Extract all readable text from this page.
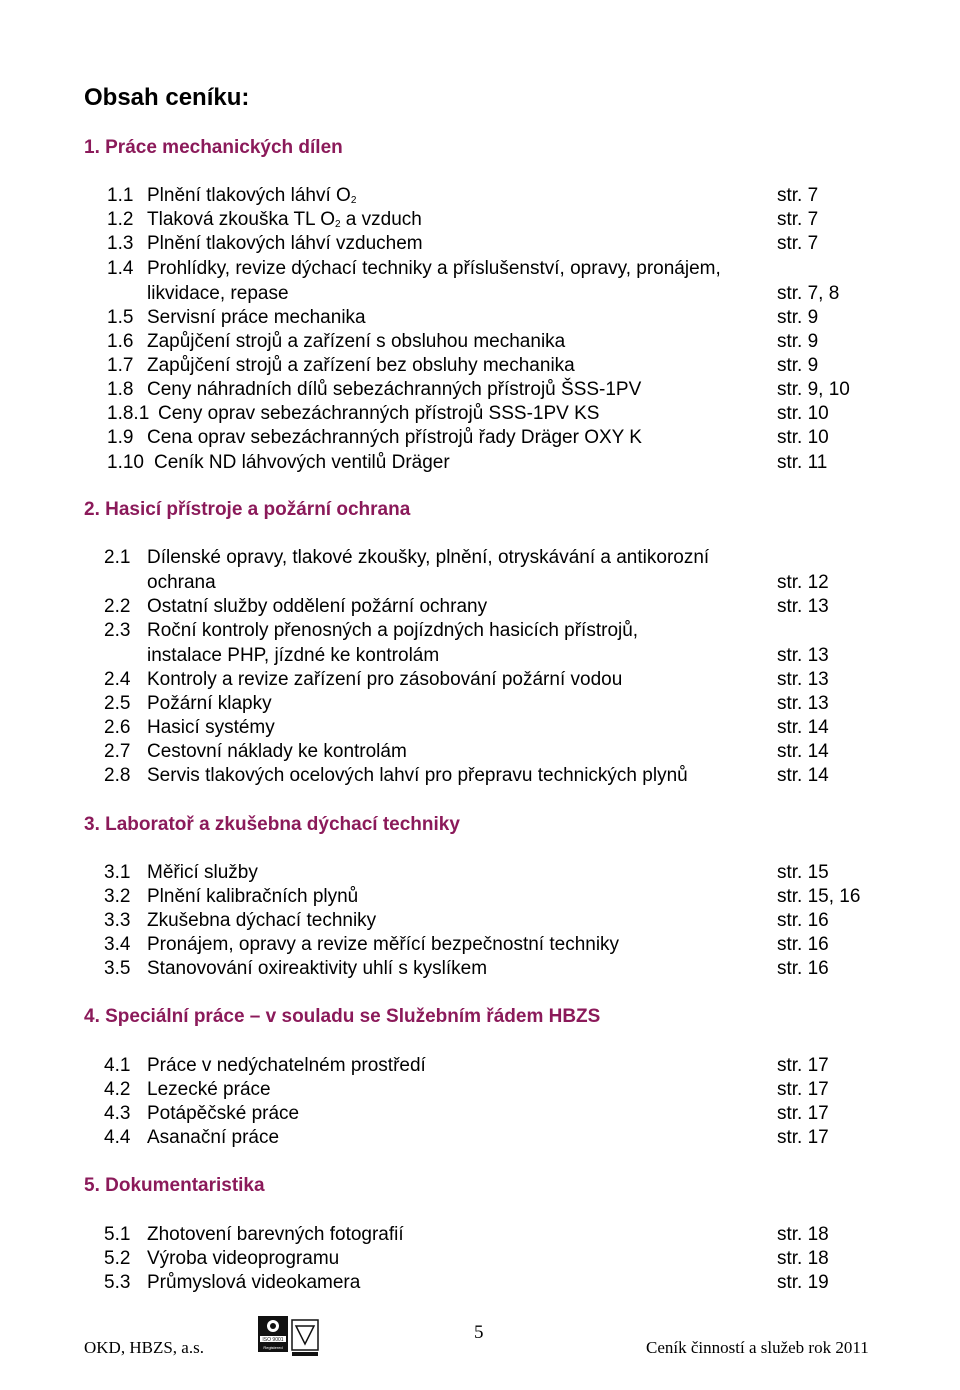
Obsah ceníku:
1. Práce mechanických dílen
1.1 Plnění tlakových láhví $O_2$	str. 7
1.2 Tlaková zkouška TL $O_2$ a vzduch	str. 7
1.3 Plnění tlakových láhví vzduchem	str. 7
1.4 Prohlídky, revize dýchací techniky a příslušenství, opravy, pronájem,
likvidace, repase	str. 7, 8
1.5 Servisní práce mechanika	str. 9
1.6 Zapůjčení strojů a zařízení s obsluhou mechanika	str. 9
1.7 Zapůjčení strojů a zařízení bez obsluhy mechanika	str. 9
1.8 Ceny náhradních dílů sebezáchranných přístrojů ŠSS-1PV	str. 9, 10
1.8.1 Ceny oprav sebezáchranných přístrojů SSS-1PV KS	str. 10
1.9 Cena oprav sebezáchranných přístrojů řady Dräger OXY K	str. 10
1.10 Ceník ND láhvových ventilů Dräger	str. 11
2. Hasicí přístroje a požární ochrana
2.1 Dílenské opravy, tlakové zkoušky, plnění, otryskávání a antikorozní
ochrana	str. 12
2.2 Ostatní služby oddělení požární ochrany	str. 13
2.3 Roční kontroly přenosných a pojízdných hasicích přístrojů,
instalace PHP, jízdné ke kontrolám	str. 13
2.4 Kontroly a revize zařízení pro zásobování požární vodou	str. 13
2.5 Požární klapky	str. 13
2.6 Hasicí systémy	str. 14
2.7 Cestovní náklady ke kontrolám	str. 14
2.8 Servis tlakových ocelových lahví pro přepravu technických plynů	str. 14
3. Laboratoř a zkušebna dýchací techniky
3.1 Měřicí služby	str. 15
3.2 Plnění kalibračních plynů	str. 15, 16
3.3 Zkušebna dýchací techniky	str. 16
3.4 Pronájem, opravy a revize měřící bezpečnostní techniky	str. 16
3.5 Stanovování oxireaktivity uhlí s kyslíkem	str. 16
4. Speciální práce – v souladu se Služebním řádem HBZS
4.1 Práce v nedýchatelném prostředí	str. 17
4.2 Lezecké práce	str. 17
4.3 Potápěčské práce	str. 17
4.4 Asanační práce	str. 17
5. Dokumentaristika
5.1 Zhotovení barevných fotografií	str. 18
5.2 Výroba videoprogramu	str. 18
5.3 Průmyslová videokamera	str. 19
OKD, HBZS, a.s.
5
Ceník činností a služeb rok 2011
ISO 9001
Registered
